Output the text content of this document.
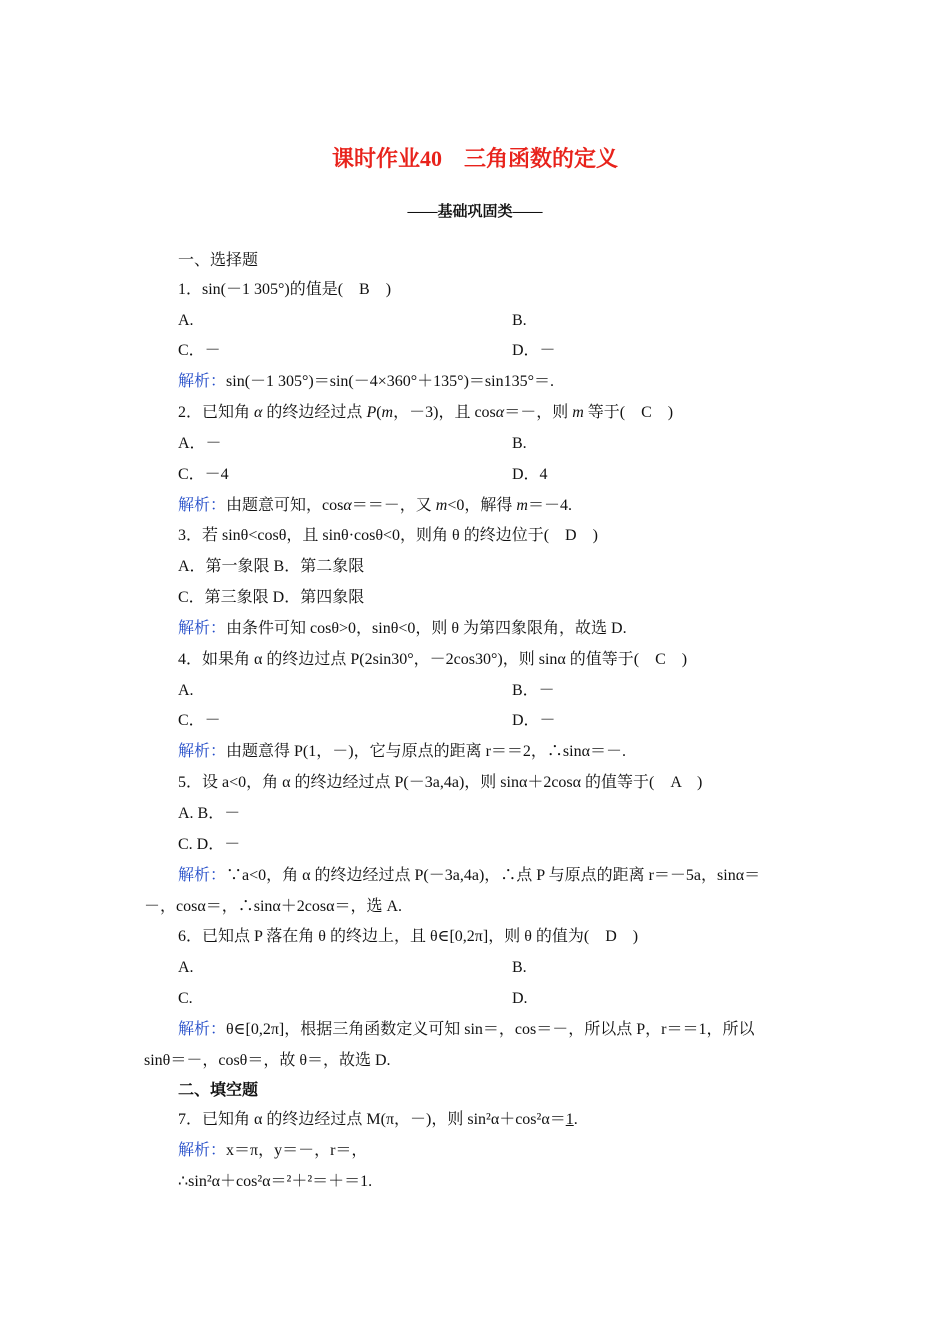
课时作业40　三角函数的定义
——基础巩固类——
一、选择题
1．sin(－1 305°)的值是(　B　)
A.	B.
C．－	D．－
解析：sin(－1 305°)＝sin(－4×360°＋135°)＝sin135°＝.
2．已知角 α 的终边经过点 P(m，－3)，且 cosα＝－，则 m 等于(　C　)
A．－	B.
C．－4	D．4
解析：由题意可知，cosα＝＝－，又 m<0，解得 m＝－4.
3．若 sinθ<cosθ，且 sinθ·cosθ<0，则角 θ 的终边位于(　D　)
A．第一象限 B．第二象限
C．第三象限 D．第四象限
解析：由条件可知 cosθ>0，sinθ<0，则 θ 为第四象限角，故选 D.
4．如果角 α 的终边过点 P(2sin30°，－2cos30°)，则 sinα 的值等于(　C　)
A.	B．－
C．－	D．－
解析：由题意得 P(1，－)，它与原点的距离 r＝＝2，∴sinα＝－.
5．设 a<0，角 α 的终边经过点 P(－3a,4a)，则 sinα＋2cosα 的值等于(　A　)
A. B．－
C. D．－
解析：∵a<0，角 α 的终边经过点 P(－3a,4a)，∴点 P 与原点的距离 r＝－5a，sinα＝
－，cosα＝，∴sinα＋2cosα＝，选 A.
6．已知点 P 落在角 θ 的终边上，且 θ∈[0,2π]，则 θ 的值为(　D　)
A.	B.
C.	D.
解析：θ∈[0,2π]，根据三角函数定义可知 sin＝，cos＝－，所以点 P，r＝＝1，所以
sinθ＝－，cosθ＝，故 θ＝，故选 D.
二、填空题
7．已知角 α 的终边经过点 M(π，－)，则 sin²α＋cos²α＝1.
解析：x＝π，y＝－，r＝，
∴sin²α＋cos²α＝²＋²＝＋＝1.
